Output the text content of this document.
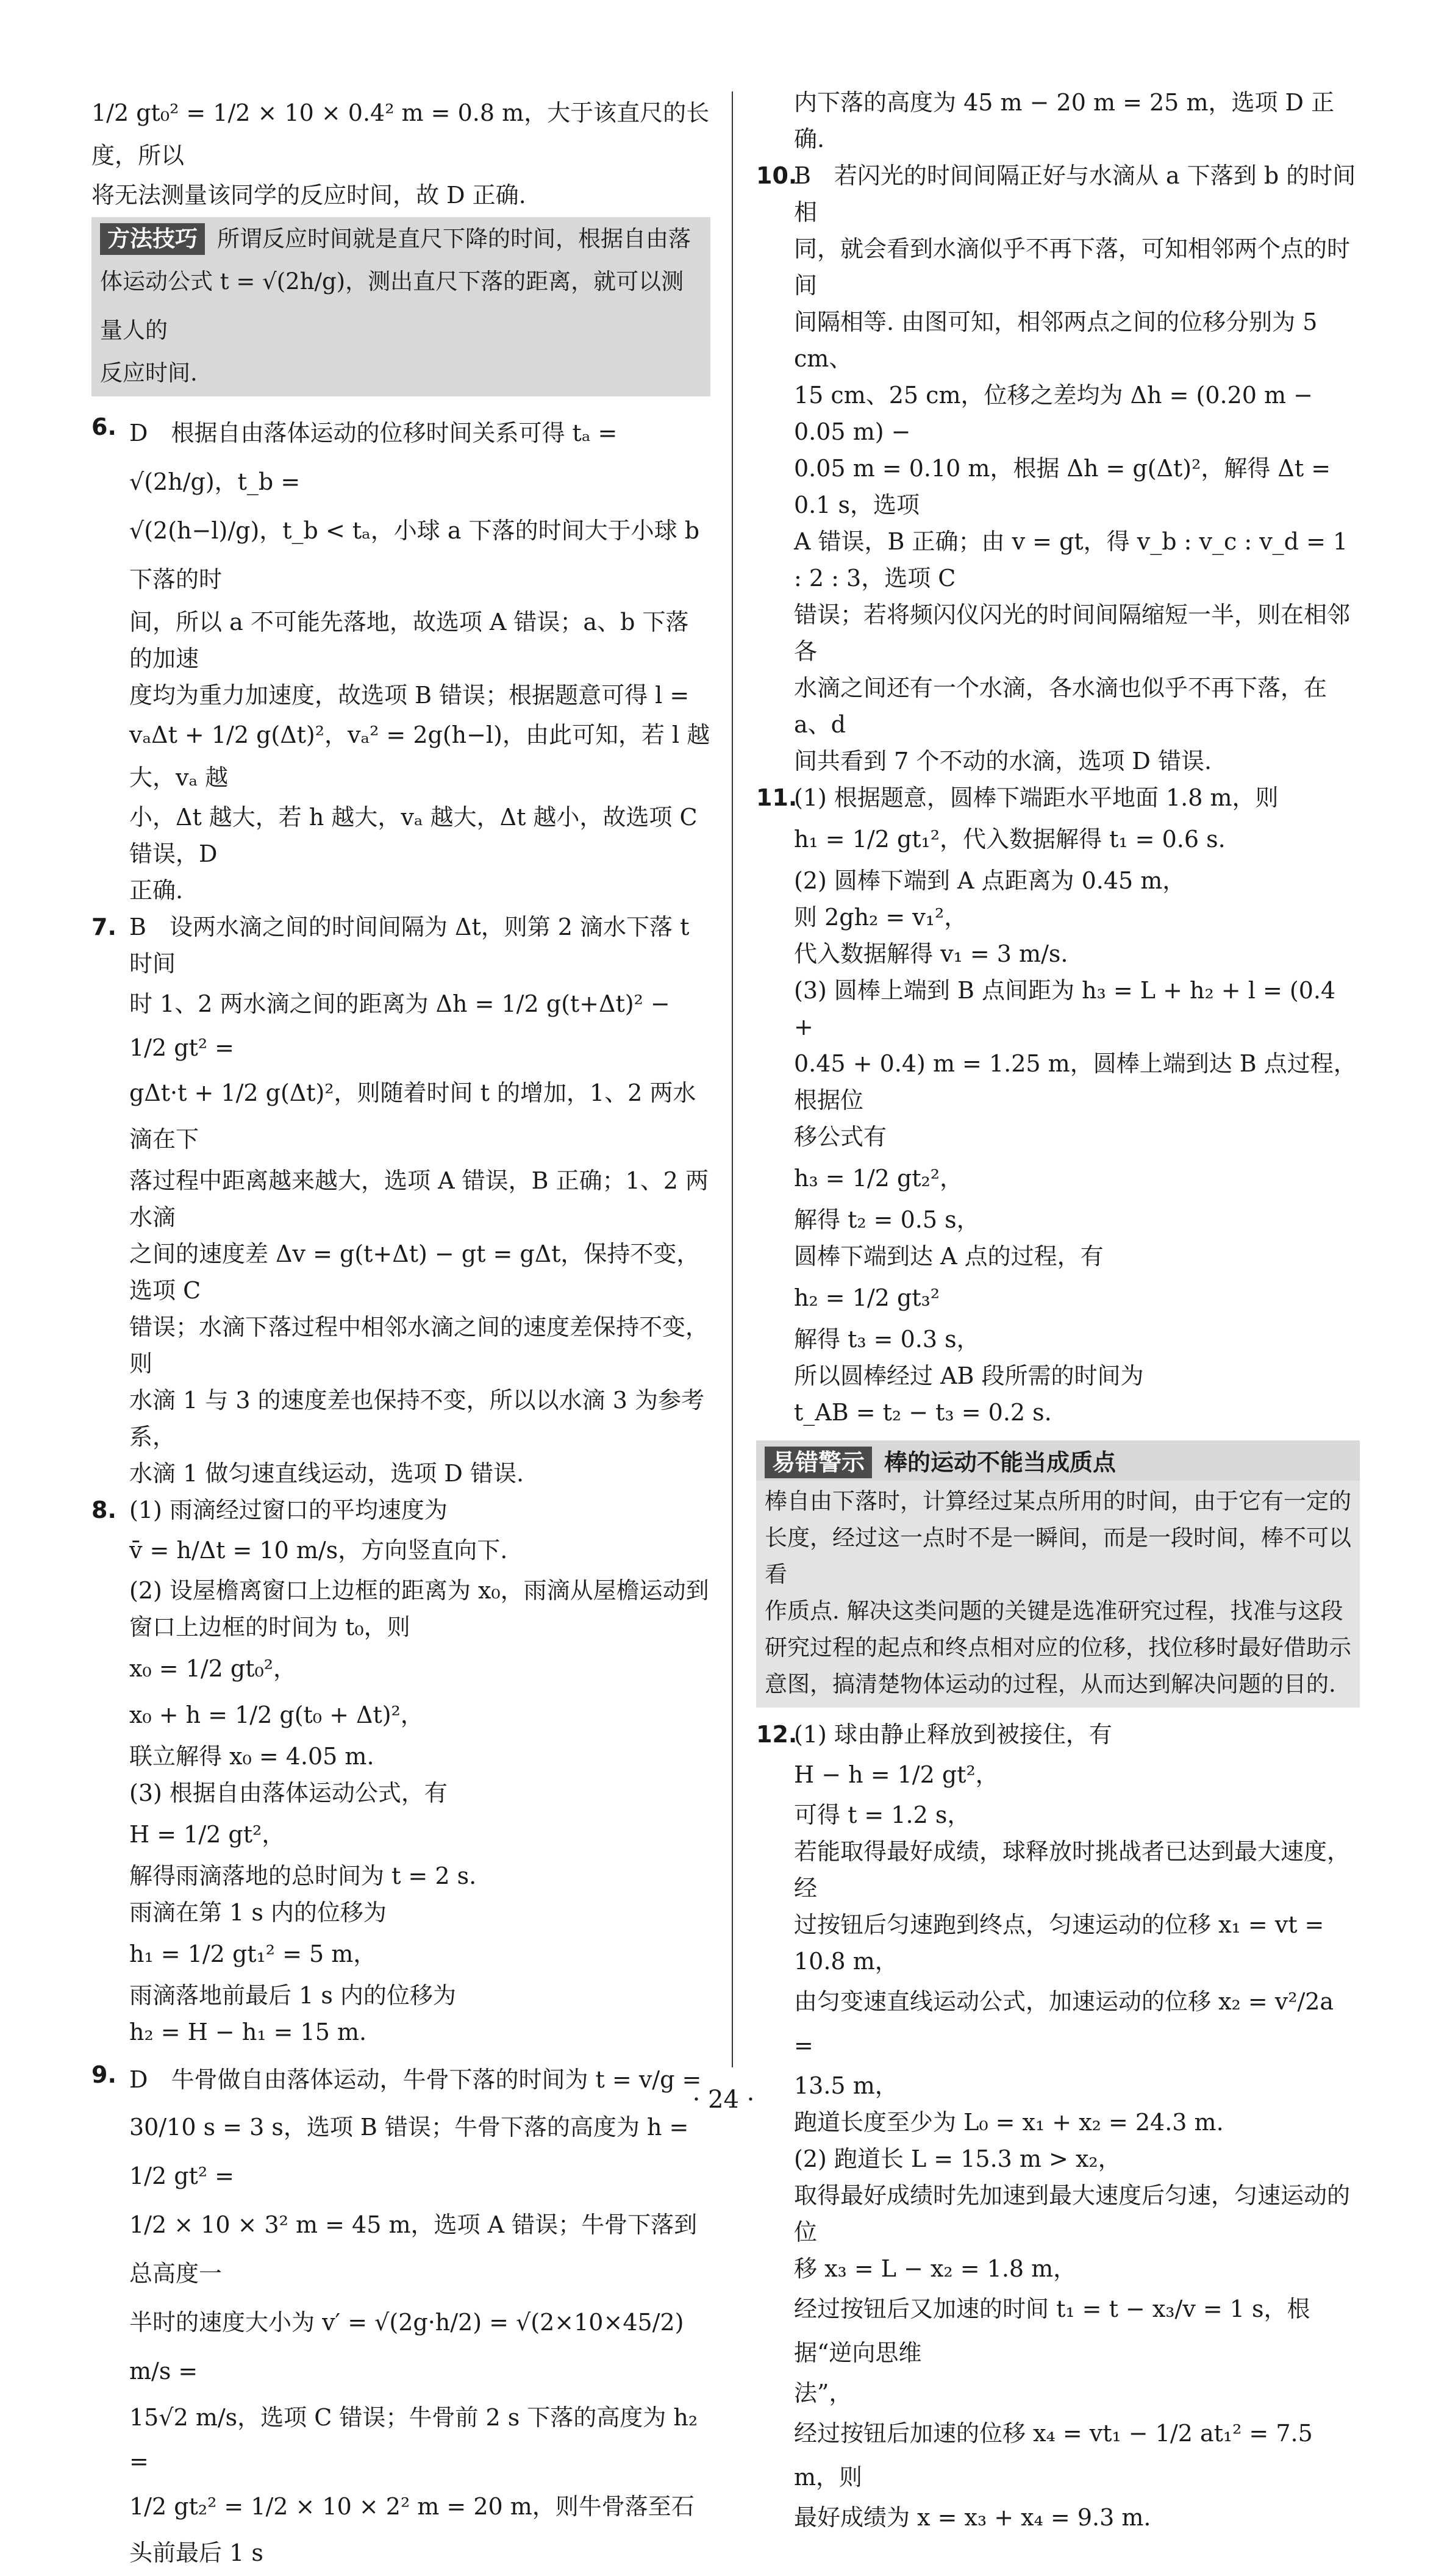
1/2 gt₀² = 1/2 × 10 × 0.4² m = 0.8 m，大于该直尺的长度，所以
将无法测量该同学的反应时间，故 D 正确.
方法技巧 所谓反应时间就是直尺下降的时间，根据自由落
体运动公式 t = √(2h/g)，测出直尺下落的距离，就可以测量人的
反应时间.
6. D　根据自由落体运动的位移时间关系可得 tₐ = √(2h/g)，t_b =
√(2(h−l)/g)，t_b < tₐ，小球 a 下落的时间大于小球 b 下落的时
间，所以 a 不可能先落地，故选项 A 错误；a、b 下落的加速
度均为重力加速度，故选项 B 错误；根据题意可得 l =
vₐΔt + 1/2 g(Δt)²，vₐ² = 2g(h−l)，由此可知，若 l 越大，vₐ 越
小，Δt 越大，若 h 越大，vₐ 越大，Δt 越小，故选项 C 错误，D
正确.
7. B　设两水滴之间的时间间隔为 Δt，则第 2 滴水下落 t 时间
时 1、2 两水滴之间的距离为 Δh = 1/2 g(t+Δt)² − 1/2 gt² =
gΔt·t + 1/2 g(Δt)²，则随着时间 t 的增加，1、2 两水滴在下
落过程中距离越来越大，选项 A 错误，B 正确；1、2 两水滴
之间的速度差 Δv = g(t+Δt) − gt = gΔt，保持不变，选项 C
错误；水滴下落过程中相邻水滴之间的速度差保持不变，则
水滴 1 与 3 的速度差也保持不变，所以以水滴 3 为参考系，
水滴 1 做匀速直线运动，选项 D 错误.
8. (1) 雨滴经过窗口的平均速度为
v̄ = h/Δt = 10 m/s，方向竖直向下.
(2) 设屋檐离窗口上边框的距离为 x₀，雨滴从屋檐运动到
窗口上边框的时间为 t₀，则
x₀ = 1/2 gt₀²，
x₀ + h = 1/2 g(t₀ + Δt)²，
联立解得 x₀ = 4.05 m.
(3) 根据自由落体运动公式，有
H = 1/2 gt²，
解得雨滴落地的总时间为 t = 2 s.
雨滴在第 1 s 内的位移为
h₁ = 1/2 gt₁² = 5 m，
雨滴落地前最后 1 s 内的位移为
h₂ = H − h₁ = 15 m.
9. D　牛骨做自由落体运动，牛骨下落的时间为 t = v/g =
30/10 s = 3 s，选项 B 错误；牛骨下落的高度为 h = 1/2 gt² =
1/2 × 10 × 3² m = 45 m，选项 A 错误；牛骨下落到总高度一
半时的速度大小为 v′ = √(2g·h/2) = √(2×10×45/2) m/s =
15√2 m/s，选项 C 错误；牛骨前 2 s 下落的高度为 h₂ =
1/2 gt₂² = 1/2 × 10 × 2² m = 20 m，则牛骨落至石头前最后 1 s
内下落的高度为 45 m − 20 m = 25 m，选项 D 正确.
10.
B　若闪光的时间间隔正好与水滴从 a 下落到 b 的时间相
同，就会看到水滴似乎不再下落，可知相邻两个点的时间
间隔相等. 由图可知，相邻两点之间的位移分别为 5 cm、
15 cm、25 cm，位移之差均为 Δh = (0.20 m − 0.05 m) −
0.05 m = 0.10 m，根据 Δh = g(Δt)²，解得 Δt = 0.1 s，选项
A 错误，B 正确；由 v = gt，得 v_b : v_c : v_d = 1 : 2 : 3，选项 C
错误；若将频闪仪闪光的时间间隔缩短一半，则在相邻各
水滴之间还有一个水滴，各水滴也似乎不再下落，在 a、d
间共看到 7 个不动的水滴，选项 D 错误.
11.
(1) 根据题意，圆棒下端距水平地面 1.8 m，则
h₁ = 1/2 gt₁²，代入数据解得 t₁ = 0.6 s.
(2) 圆棒下端到 A 点距离为 0.45 m，
则 2gh₂ = v₁²，
代入数据解得 v₁ = 3 m/s.
(3) 圆棒上端到 B 点间距为 h₃ = L + h₂ + l = (0.4 +
0.45 + 0.4) m = 1.25 m，圆棒上端到达 B 点过程，根据位
移公式有
h₃ = 1/2 gt₂²，
解得 t₂ = 0.5 s，
圆棒下端到达 A 点的过程，有
h₂ = 1/2 gt₃²
解得 t₃ = 0.3 s，
所以圆棒经过 AB 段所需的时间为
t_AB = t₂ − t₃ = 0.2 s.
易错警示 棒的运动不能当成质点
棒自由下落时，计算经过某点所用的时间，由于它有一定的
长度，经过这一点时不是一瞬间，而是一段时间，棒不可以看
作质点. 解决这类问题的关键是选准研究过程，找准与这段
研究过程的起点和终点相对应的位移，找位移时最好借助示
意图，搞清楚物体运动的过程，从而达到解决问题的目的.
12.
(1) 球由静止释放到被接住，有
H − h = 1/2 gt²，
可得 t = 1.2 s，
若能取得最好成绩，球释放时挑战者已达到最大速度，经
过按钮后匀速跑到终点，匀速运动的位移 x₁ = vt =
10.8 m，
由匀变速直线运动公式，加速运动的位移 x₂ = v²/2a =
13.5 m，
跑道长度至少为 L₀ = x₁ + x₂ = 24.3 m.
(2) 跑道长 L = 15.3 m > x₂，
取得最好成绩时先加速到最大速度后匀速，匀速运动的位
移 x₃ = L − x₂ = 1.8 m，
经过按钮后又加速的时间 t₁ = t − x₃/v = 1 s，根据“逆向思维
法”，
经过按钮后加速的位移 x₄ = vt₁ − 1/2 at₁² = 7.5 m，则
最好成绩为 x = x₃ + x₄ = 9.3 m.
· 24 ·
